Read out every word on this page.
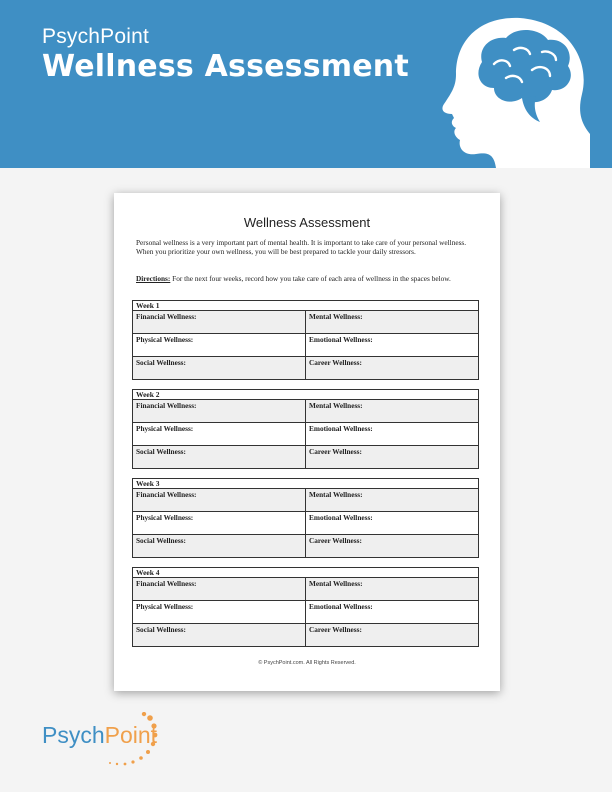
PsychPoint
Wellness Assessment
Wellness Assessment
Personal wellness is a very important part of mental health. It is important to take care of your personal wellness. When you prioritize your own wellness, you will be best prepared to tackle your daily stressors.
Directions: For the next four weeks, record how you take care of each area of wellness in the spaces below.
Week 1
Financial Wellness:	Mental Wellness:
Physical Wellness:	Emotional Wellness:
Social Wellness:	Career Wellness:
Week 2
Financial Wellness:	Mental Wellness:
Physical Wellness:	Emotional Wellness:
Social Wellness:	Career Wellness:
Week 3
Financial Wellness:	Mental Wellness:
Physical Wellness:	Emotional Wellness:
Social Wellness:	Career Wellness:
Week 4
Financial Wellness:	Mental Wellness:
Physical Wellness:	Emotional Wellness:
Social Wellness:	Career Wellness:
© PsychPoint.com. All Rights Reserved.
PsychPoint
